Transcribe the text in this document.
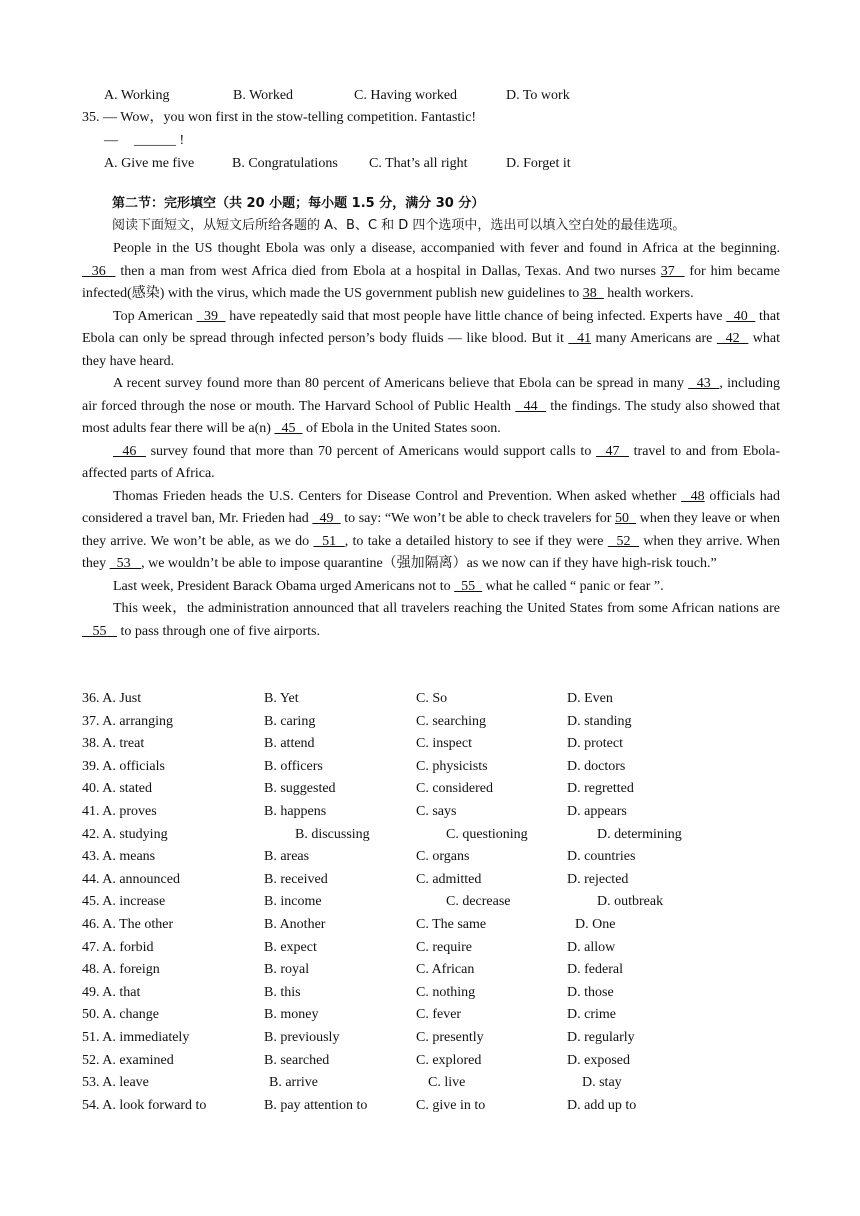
A. Working	B. Worked	C. Having worked	D. To work
35. — Wow，you won first in the stow-telling competition. Fantastic!
— ______ !
A. Give me five	B. Congratulations C. That’s all right	D. Forget it
第二节：完形填空（共 20 小题；每小题 1.5 分，满分 30 分）
阅读下面短文，从短文后所给各题的 A、B、C 和 D 四个选项中，选出可以填入空白处的最佳选项。

People in the US thought Ebola was only a disease, accompanied with fever and found in Africa at the beginning.   36   then a man from west Africa died from Ebola at a hospital in Dallas, Texas. And two nurses 37   for him became infected(感染) with the virus, which made the US government publish new guidelines to 38   health workers.

Top American   39   have repeatedly said that most people have little chance of being infected. Experts have   40   that Ebola can only be spread through infected person’s body fluids — like blood. But it   41 many Americans are   42   what they have heard.

A recent survey found more than 80 percent of Americans believe that Ebola can be spread in many   43  , including air forced through the nose or mouth. The Harvard School of Public Health   44   the findings. The study also showed that most adults fear there will be a(n)   45   of Ebola in the United States soon.

46   survey found that more than 70 percent of Americans would support calls to   47   travel to and from Ebola-affected parts of Africa.

Thomas Frieden heads the U.S. Centers for Disease Control and Prevention. When asked whether   48 officials had considered a travel ban, Mr. Frieden had   49   to say: “We won’t be able to check travelers for 50   when they leave or when they arrive. We won’t be able, as we do   51  , to take a detailed history to see if they were   52   when they arrive. When they   53   , we wouldn’t be able to impose quarantine（强加隔离）as we now can if they have high-risk touch.”

Last week, President Barack Obama urged Americans not to   55   what he called “ panic or fear ”.

This week，the administration announced that all travelers reaching the United States from some African nations are    55    to pass through one of five airports.

36. A. Just	B. Yet	C. So	D. Even
37. A. arranging	B. caring	C. searching	D. standing
38. A. treat	B. attend	C. inspect	D. protect
39. A. officials	B. officers	C. physicists	D. doctors
40. A. stated	B. suggested	C. considered	D. regretted
41. A. proves	B. happens	C. says	D. appears
42. A. studying	B. discussing	C. questioning	D. determining
43. A. means	B. areas	C. organs	D. countries
44. A. announced	B. received	C. admitted	D. rejected
45. A. increase	B. income	C. decrease	D. outbreak
46. A. The other	B. Another	C. The same	D. One
47. A. forbid	B. expect	C. require	D. allow
48. A. foreign	B. royal	C. African	D. federal
49. A. that	B. this	C. nothing	D. those
50. A. change	B. money	C. fever	D. crime
51. A. immediately	B. previously	C. presently	D. regularly
52. A. examined	B. searched	C. explored	D. exposed
53. A. leave	B. arrive	C. live	D. stay
54. A. look forward to	B. pay attention to	C. give in to	D. add up to
